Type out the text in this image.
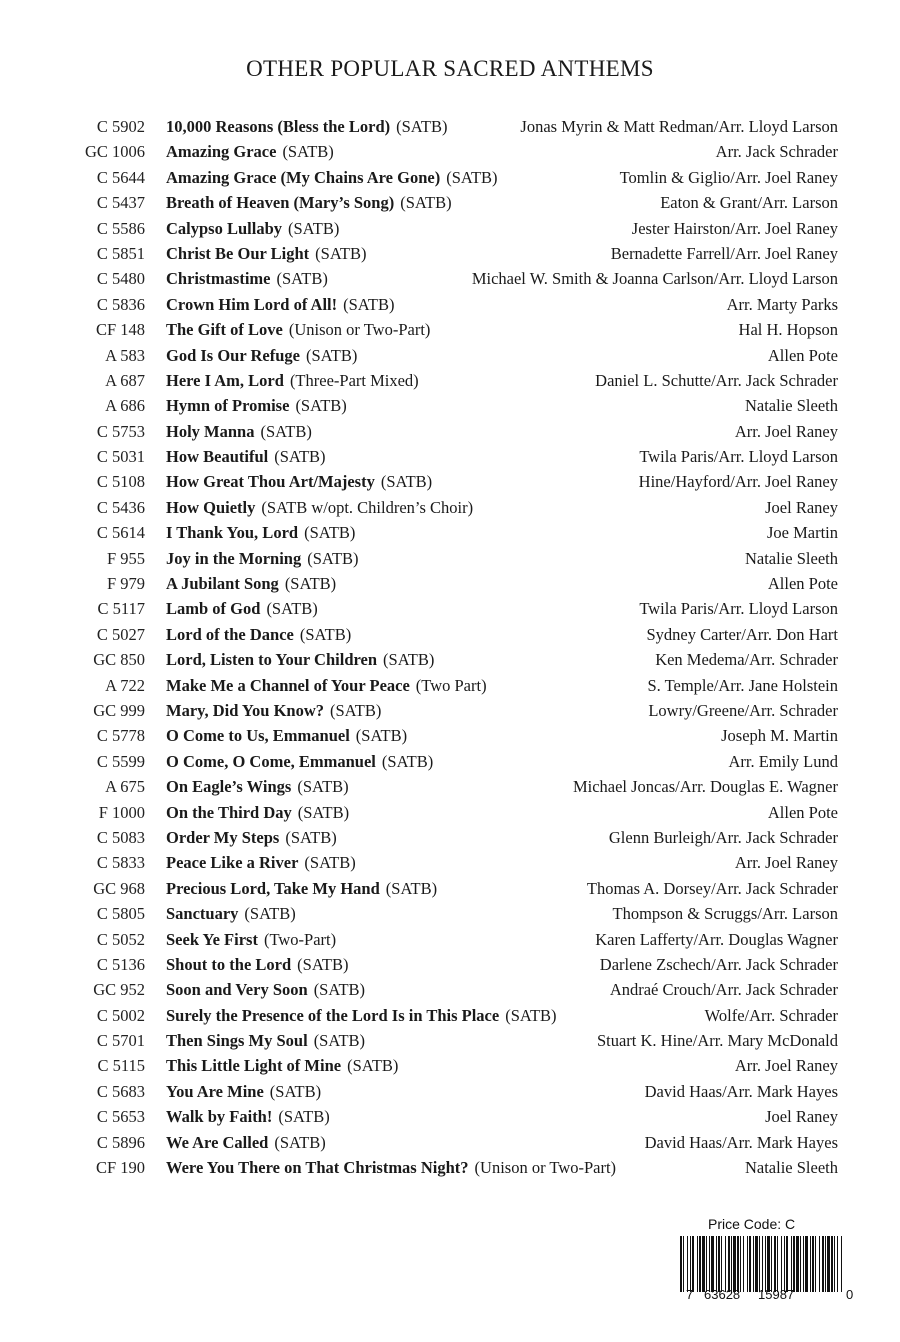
OTHER POPULAR SACRED ANTHEMS
C 5902 10,000 Reasons (Bless the Lord) (SATB)	Jonas Myrin & Matt Redman/Arr. Lloyd Larson
GC 1006 Amazing Grace (SATB)	Arr. Jack Schrader
C 5644 Amazing Grace (My Chains Are Gone) (SATB)	Tomlin & Giglio/Arr. Joel Raney
C 5437 Breath of Heaven (Mary’s Song) (SATB)	Eaton & Grant/Arr. Larson
C 5586 Calypso Lullaby (SATB)	Jester Hairston/Arr. Joel Raney
C 5851 Christ Be Our Light (SATB)	Bernadette Farrell/Arr. Joel Raney
C 5480 Christmastime (SATB)	Michael W. Smith & Joanna Carlson/Arr. Lloyd Larson
C 5836 Crown Him Lord of All! (SATB)	Arr. Marty Parks
CF 148 The Gift of Love (Unison or Two-Part)	Hal H. Hopson
A 583 God Is Our Refuge (SATB)	Allen Pote
A 687 Here I Am, Lord (Three-Part Mixed)	Daniel L. Schutte/Arr. Jack Schrader
A 686 Hymn of Promise (SATB)	Natalie Sleeth
C 5753 Holy Manna (SATB)	Arr. Joel Raney
C 5031 How Beautiful (SATB)	Twila Paris/Arr. Lloyd Larson
C 5108 How Great Thou Art/Majesty (SATB)	Hine/Hayford/Arr. Joel Raney
C 5436 How Quietly (SATB w/opt. Children’s Choir)	Joel Raney
C 5614 I Thank You, Lord (SATB)	Joe Martin
F 955 Joy in the Morning (SATB)	Natalie Sleeth
F 979 A Jubilant Song (SATB)	Allen Pote
C 5117 Lamb of God (SATB)	Twila Paris/Arr. Lloyd Larson
C 5027 Lord of the Dance (SATB)	Sydney Carter/Arr. Don Hart
GC 850 Lord, Listen to Your Children (SATB)	Ken Medema/Arr. Schrader
A 722 Make Me a Channel of Your Peace (Two Part)	S. Temple/Arr. Jane Holstein
GC 999 Mary, Did You Know? (SATB)	Lowry/Greene/Arr. Schrader
C 5778 O Come to Us, Emmanuel (SATB)	Joseph M. Martin
C 5599 O Come, O Come, Emmanuel (SATB)	Arr. Emily Lund
A 675 On Eagle’s Wings (SATB)	Michael Joncas/Arr. Douglas E. Wagner
F 1000 On the Third Day (SATB)	Allen Pote
C 5083 Order My Steps (SATB)	Glenn Burleigh/Arr. Jack Schrader
C 5833 Peace Like a River (SATB)	Arr. Joel Raney
GC 968 Precious Lord, Take My Hand (SATB)	Thomas A. Dorsey/Arr. Jack Schrader
C 5805 Sanctuary (SATB)	Thompson & Scruggs/Arr. Larson
C 5052 Seek Ye First (Two-Part)	Karen Lafferty/Arr. Douglas Wagner
C 5136 Shout to the Lord (SATB)	Darlene Zschech/Arr. Jack Schrader
GC 952 Soon and Very Soon (SATB)	Andraé Crouch/Arr. Jack Schrader
C 5002 Surely the Presence of the Lord Is in This Place (SATB)	Wolfe/Arr. Schrader
C 5701 Then Sings My Soul (SATB)	Stuart K. Hine/Arr. Mary McDonald
C 5115 This Little Light of Mine (SATB)	Arr. Joel Raney
C 5683 You Are Mine (SATB)	David Haas/Arr. Mark Hayes
C 5653 Walk by Faith! (SATB)	Joel Raney
C 5896 We Are Called (SATB)	David Haas/Arr. Mark Hayes
CF 190 Were You There on That Christmas Night? (Unison or Two-Part)	Natalie Sleeth
Price Code: C
7 63628 15987	0
